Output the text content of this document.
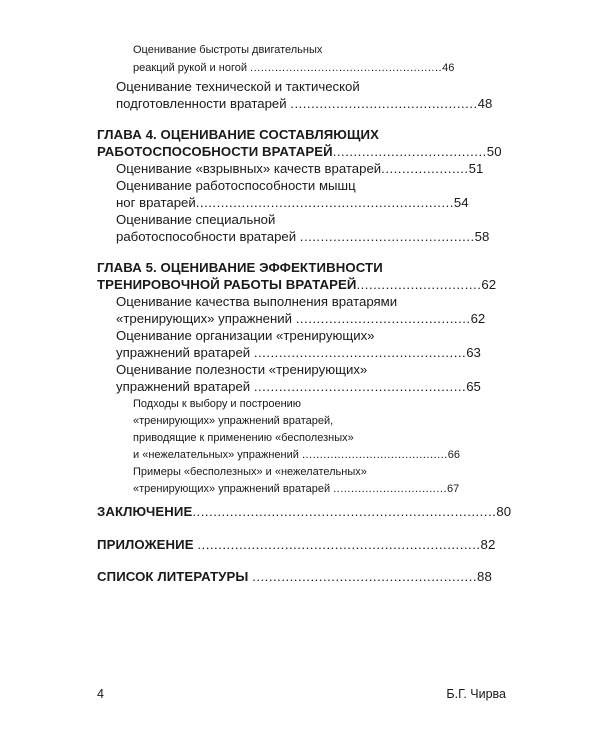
Оценивание быстроты двигательных
реакций рукой и ногой ......................................................46
Оценивание технической и тактической
подготовленности вратарей .............................................48
ГЛАВА 4. ОЦЕНИВАНИЕ СОСТАВЛЯЮЩИХ
РАБОТОСПОСОБНОСТИ ВРАТАРЕЙ.....................................50
Оценивание «взрывных» качеств вратарей.....................51
Оценивание работоспособности мышц
ног вратарей..............................................................54
Оценивание специальной
работоспособности вратарей ..........................................58
ГЛАВА 5. ОЦЕНИВАНИЕ ЭФФЕКТИВНОСТИ
ТРЕНИРОВОЧНОЙ РАБОТЫ ВРАТАРЕЙ..............................62
Оценивание качества выполнения вратарями
«тренирующих» упражнений ..........................................62
Оценивание организации «тренирующих»
упражнений вратарей ...................................................63
Оценивание полезности «тренирующих»
упражнений вратарей ...................................................65
Подходы к выбору и построению
«тренирующих» упражнений вратарей,
приводящие к применению «бесполезных»
и «нежелательных» упражнений .........................................66
Примеры «бесполезных» и «нежелательных»
«тренирующих» упражнений вратарей ................................67
ЗАКЛЮЧЕНИЕ.........................................................................80
ПРИЛОЖЕНИЕ ....................................................................82
СПИСОК ЛИТЕРАТУРЫ ......................................................88
4	Б.Г. Чирва
